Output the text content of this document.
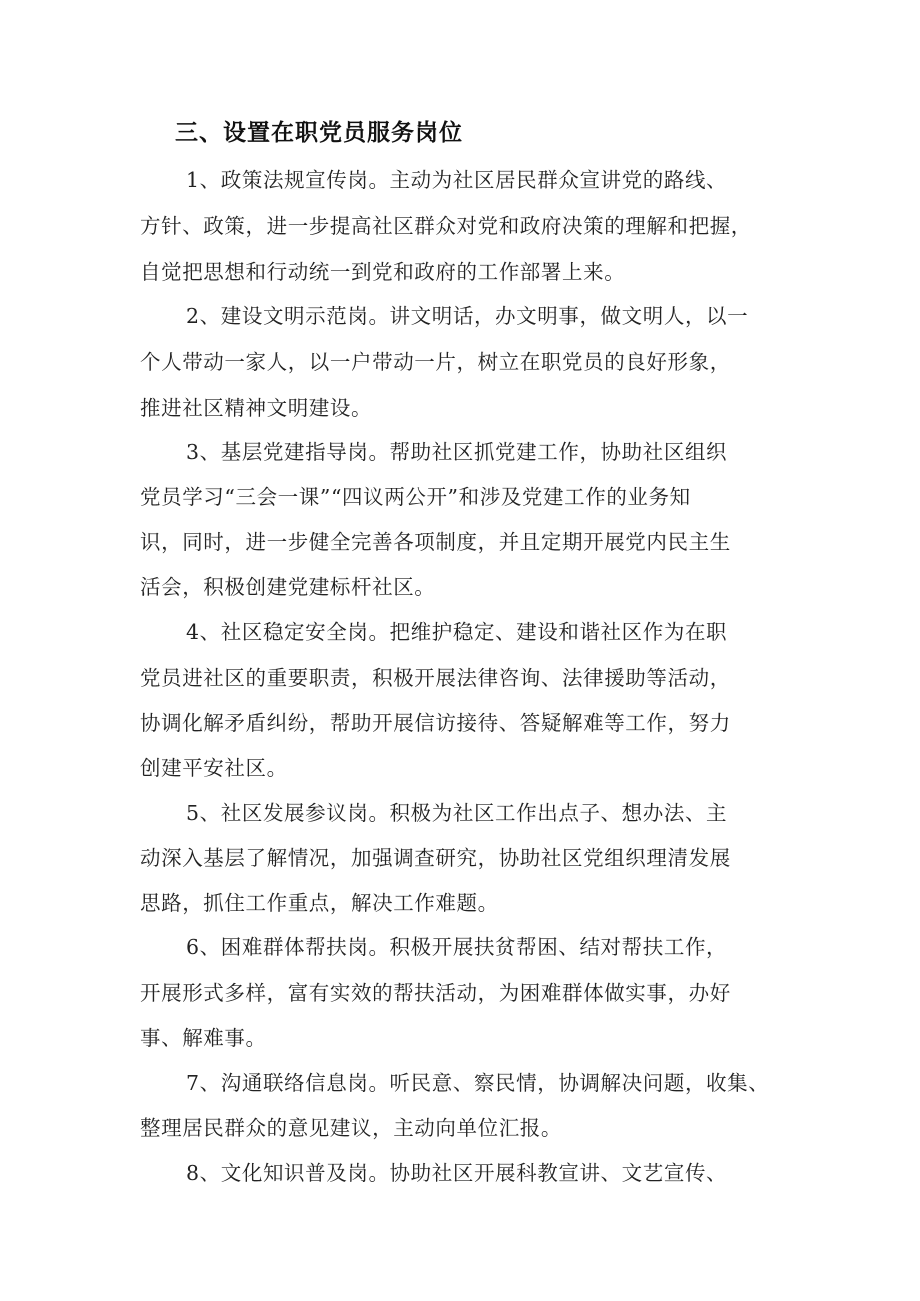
三、设置在职党员服务岗位
1、政策法规宣传岗。主动为社区居民群众宣讲党的路线、
方针、政策，进一步提高社区群众对党和政府决策的理解和把握，
自觉把思想和行动统一到党和政府的工作部署上来。
2、建设文明示范岗。讲文明话，办文明事，做文明人，以一
个人带动一家人，以一户带动一片，树立在职党员的良好形象，
推进社区精神文明建设。
3、基层党建指导岗。帮助社区抓党建工作，协助社区组织
党员学习“三会一课”“四议两公开”和涉及党建工作的业务知
识，同时，进一步健全完善各项制度，并且定期开展党内民主生
活会，积极创建党建标杆社区。
4、社区稳定安全岗。把维护稳定、建设和谐社区作为在职
党员进社区的重要职责，积极开展法律咨询、法律援助等活动，
协调化解矛盾纠纷，帮助开展信访接待、答疑解难等工作，努力
创建平安社区。
5、社区发展参议岗。积极为社区工作出点子、想办法、主
动深入基层了解情况，加强调查研究，协助社区党组织理清发展
思路，抓住工作重点，解决工作难题。
6、困难群体帮扶岗。积极开展扶贫帮困、结对帮扶工作，
开展形式多样，富有实效的帮扶活动，为困难群体做实事，办好
事、解难事。
7、沟通联络信息岗。听民意、察民情，协调解决问题，收集、
整理居民群众的意见建议，主动向单位汇报。
8、文化知识普及岗。协助社区开展科教宣讲、文艺宣传、
